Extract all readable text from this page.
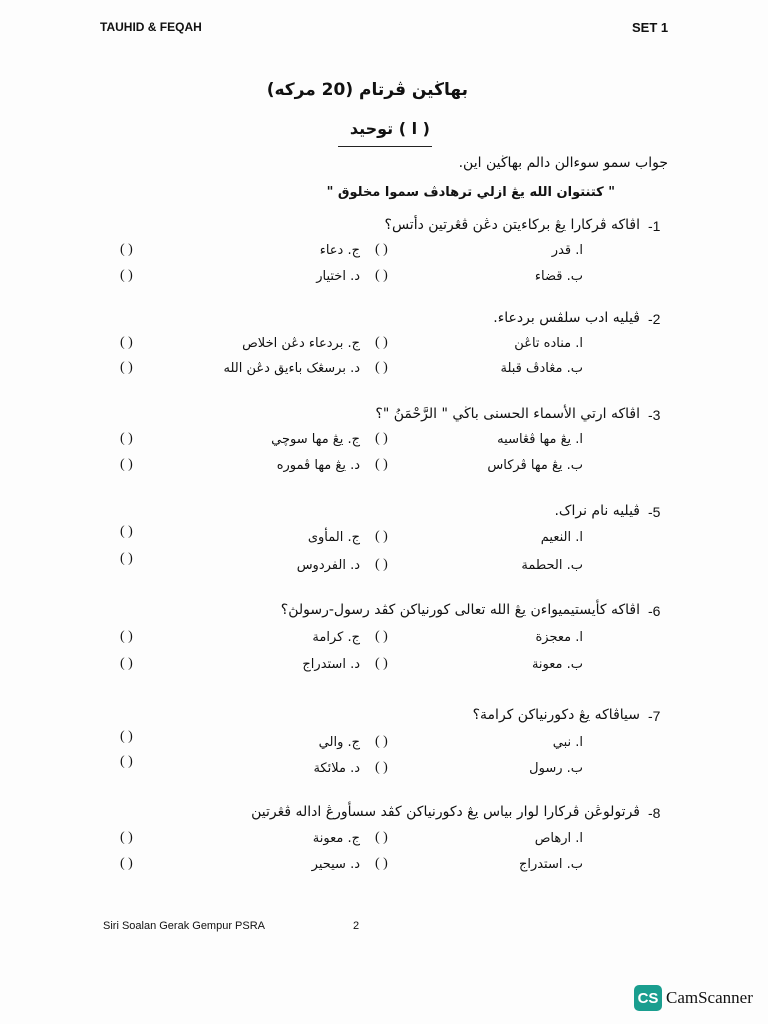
TAUHID & FEQAH	SET 1
بهاڬين ڤرتام (20 مرکه)
( ا ) توحيد
جواب سمو سوءالن دالم بهاڬين اين.
" کتنتوان الله يڠ ازلي ترهادڤ سموا مخلوق "
-1
اڤاکه ڤرکارا يڠ برکاءيتن دڠن ڤڠرتين دأتس؟
ا. قدر
( )
ج. دعاء
( )
ب. قضاء
( )
د. اختيار
( )
-2
ڤيليه ادب سلڤس بردعاء.
ا. مناده تاڠن
( )
ج. بردعاء دڠن اخلاص
( )
ب. مڠادڤ قبلة
( )
د. برسڠک باءيق دڠن الله
( )
-3
اڤاکه ارتي الأسماء الحسنى باڬي " الرَّحْمَنُ "؟
ا. يڠ مها ڤڠاسيه
( )
ج. يڠ مها سوچي
( )
ب. يڠ مها ڤرکاس
( )
د. يڠ مها ڤموره
( )
-5
ڤيليه نام نراک.
ا. النعيم
( )
ج. المأوى
( )
ب. الحطمة
( )
د. الفردوس
( )
-6
اڤاکه کأيستيميواءن يڠ الله تعالى کورنياکن کڤد رسول-رسولڽ؟
ا. معجزة
( )
ج. کرامة
( )
ب. معونة
( )
د. استدراج
( )
-7
سياڤاکه يڠ دکورنياکن کرامة؟
ا. نبي
( )
ج. والي
( )
ب. رسول
( )
د. ملائکة
( )
-8
ڤرتولوڠن ڤرکارا لوار بياس يڠ دکورنياکن کڤد سسأورڠ اداله ڤڠرتين
ا. ارهاص
( )
ج. معونة
( )
ب. استدراج
( )
د. سيحير
( )
Siri Soalan Gerak Gempur PSRA	2
CS CamScanner
